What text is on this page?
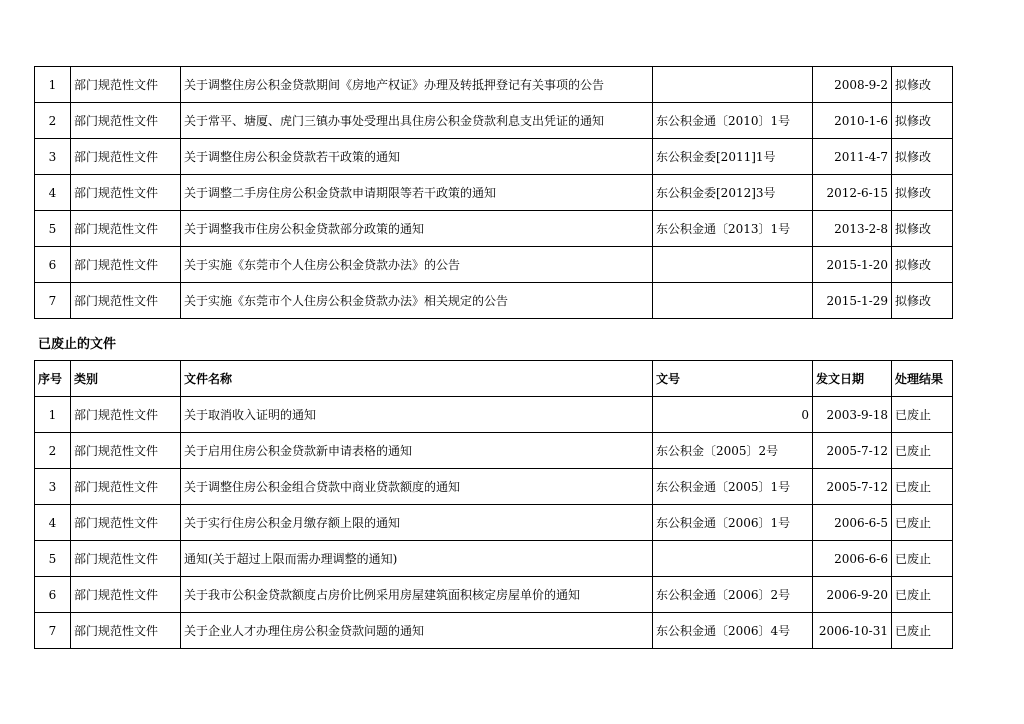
1	部门规范性文件	关于调整住房公积金贷款期间《房地产权证》办理及转抵押登记有关事项的公告		2008-9-2	拟修改
2	部门规范性文件	关于常平、塘厦、虎门三镇办事处受理出具住房公积金贷款利息支出凭证的通知	东公积金通〔2010〕1号	2010-1-6	拟修改
3	部门规范性文件	关于调整住房公积金贷款若干政策的通知	东公积金委[2011]1号	2011-4-7	拟修改
4	部门规范性文件	关于调整二手房住房公积金贷款申请期限等若干政策的通知	东公积金委[2012]3号	2012-6-15	拟修改
5	部门规范性文件	关于调整我市住房公积金贷款部分政策的通知	东公积金通〔2013〕1号	2013-2-8	拟修改
6	部门规范性文件	关于实施《东莞市个人住房公积金贷款办法》的公告		2015-1-20	拟修改
7	部门规范性文件	关于实施《东莞市个人住房公积金贷款办法》相关规定的公告		2015-1-29	拟修改
已废止的文件
序号	类别	文件名称	文号	发文日期	处理结果
1	部门规范性文件	关于取消收入证明的通知	0	2003-9-18	已废止
2	部门规范性文件	关于启用住房公积金贷款新申请表格的通知	东公积金〔2005〕2号	2005-7-12	已废止
3	部门规范性文件	关于调整住房公积金组合贷款中商业贷款额度的通知	东公积金通〔2005〕1号	2005-7-12	已废止
4	部门规范性文件	关于实行住房公积金月缴存额上限的通知	东公积金通〔2006〕1号	2006-6-5	已废止
5	部门规范性文件	通知(关于超过上限而需办理调整的通知)		2006-6-6	已废止
6	部门规范性文件	关于我市公积金贷款额度占房价比例采用房屋建筑面积核定房屋单价的通知	东公积金通〔2006〕2号	2006-9-20	已废止
7	部门规范性文件	关于企业人才办理住房公积金贷款问题的通知	东公积金通〔2006〕4号	2006-10-31	已废止
